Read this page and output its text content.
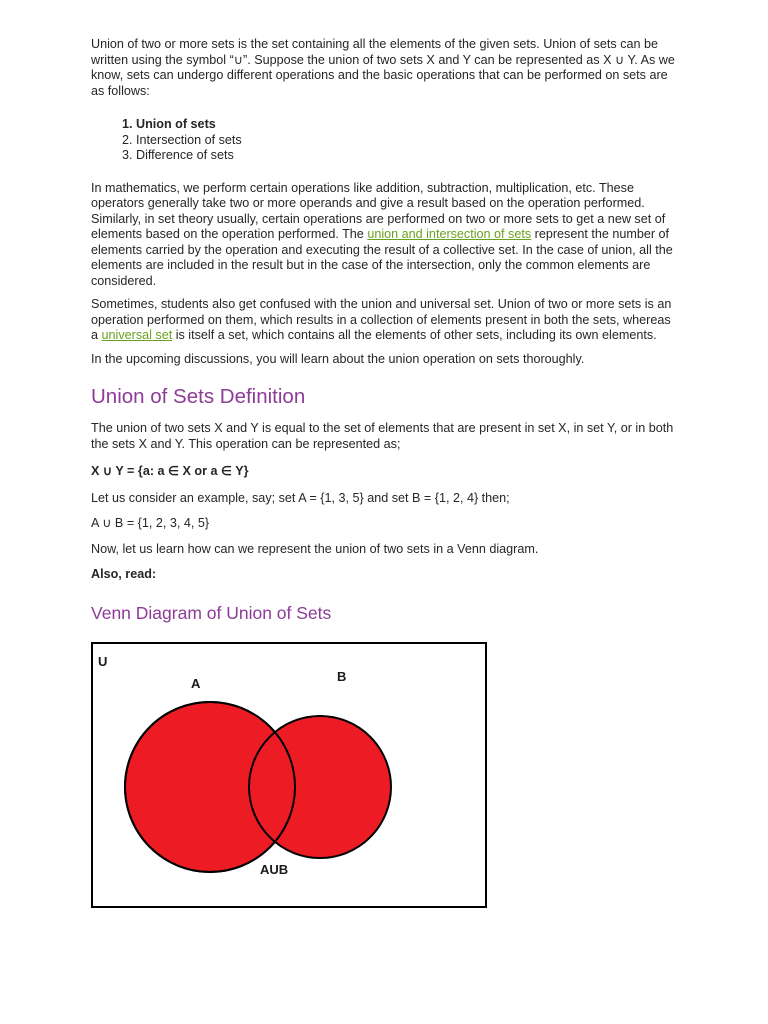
Union of two or more sets is the set containing all the elements of the given sets. Union of sets can be written using the symbol “∪”. Suppose the union of two sets X and Y can be represented as X ∪ Y. As we know, sets can undergo different operations and the basic operations that can be performed on sets are as follows:

1. Union of sets
2. Intersection of sets
3. Difference of sets

In mathematics, we perform certain operations like addition, subtraction, multiplication, etc. These operators generally take two or more operands and give a result based on the operation performed. Similarly, in set theory usually, certain operations are performed on two or more sets to get a new set of elements based on the operation performed. The union and intersection of sets represent the number of elements carried by the operation and executing the result of a collective set. In the case of union, all the elements are included in the result but in the case of the intersection, only the common elements are considered.

Sometimes, students also get confused with the union and universal set. Union of two or more sets is an operation performed on them, which results in a collection of elements present in both the sets, whereas a universal set is itself a set, which contains all the elements of other sets, including its own elements.

In the upcoming discussions, you will learn about the union operation on sets thoroughly.

Union of Sets Definition

The union of two sets X and Y is equal to the set of elements that are present in set X, in set Y, or in both the sets X and Y. This operation can be represented as;

X ∪ Y = {a: a ∈ X or a ∈ Y}

Let us consider an example, say; set A = {1, 3, 5} and set B = {1, 2, 4} then;

A ∪ B = {1, 2, 3, 4, 5}

Now, let us learn how can we represent the union of two sets in a Venn diagram.

Also, read:

Venn Diagram of Union of Sets
U
A	B
AUB
